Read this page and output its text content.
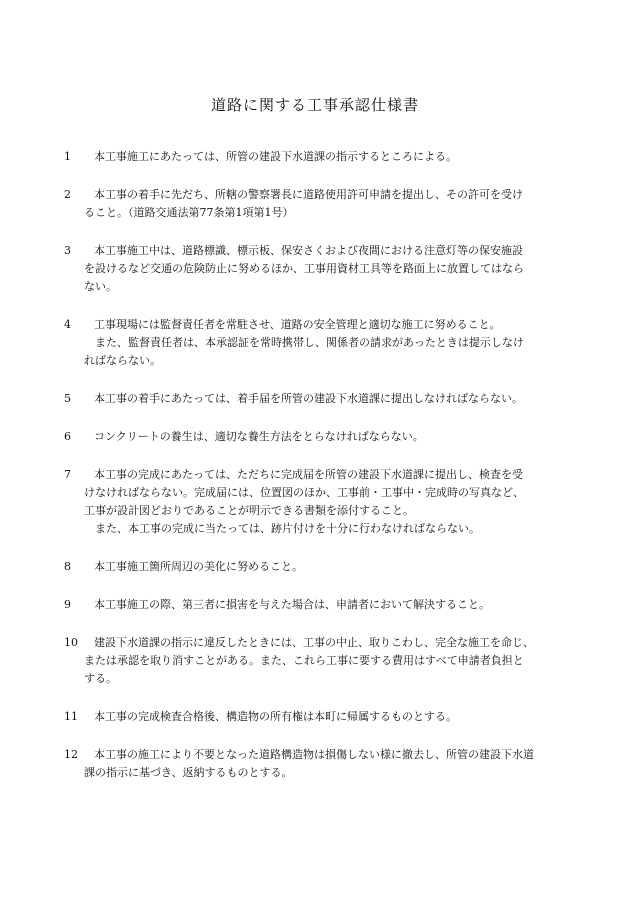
道路に関する工事承認仕様書
1	本工事施工にあたっては、所管の建設下水道課の指示するところによる。
2	本工事の着手に先だち、所轄の警察署長に道路使用許可申請を提出し、その許可を受け
ること。（道路交通法第77条第1項第1号）
3	本工事施工中は、道路標識、標示板、保安さくおよび夜間における注意灯等の保安施設
を設けるなど交通の危険防止に努めるほか、工事用資材工具等を路面上に放置してはなら
ない。
4	工事現場には監督責任者を常駐させ、道路の安全管理と適切な施工に努めること。
　また、監督責任者は、本承認証を常時携帯し、関係者の請求があったときは提示しなけ
ればならない。
5	本工事の着手にあたっては、着手届を所管の建設下水道課に提出しなければならない。
6	コンクリートの養生は、適切な養生方法をとらなければならない。
7	本工事の完成にあたっては、ただちに完成届を所管の建設下水道課に提出し、検査を受
けなければならない。完成届には、位置図のほか、工事前・工事中・完成時の写真など、
工事が設計図どおりであることが明示できる書類を添付すること。
　また、本工事の完成に当たっては、跡片付けを十分に行わなければならない。
8	本工事施工箇所周辺の美化に努めること。
9	本工事施工の際、第三者に損害を与えた場合は、申請者において解決すること。
10	建設下水道課の指示に違反したときには、工事の中止、取りこわし、完全な施工を命じ、
または承認を取り消すことがある。また、これら工事に要する費用はすべて申請者負担と
する。
11	本工事の完成検査合格後、構造物の所有権は本町に帰属するものとする。
12	本工事の施工により不要となった道路構造物は損傷しない様に撤去し、所管の建設下水道
課の指示に基づき、返納するものとする。
